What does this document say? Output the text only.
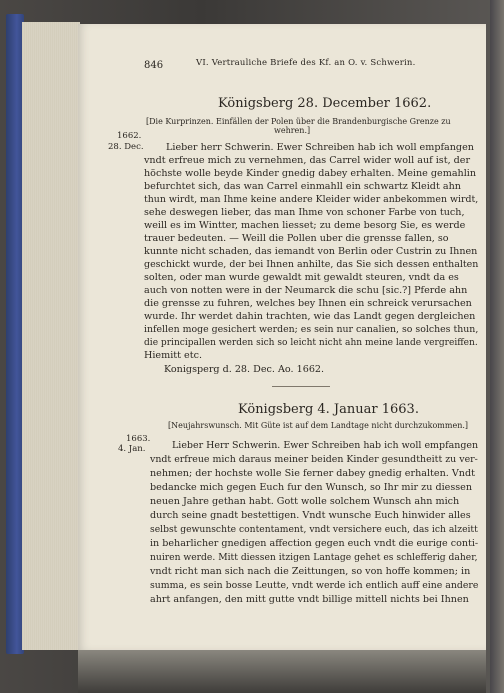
846	VI. Vertrauliche Briefe des Kf. an O. v. Schwerin.
Königsberg 28. December 1662.
[Die Kurprinzen. Einfällen der Polen über die Brandenburgische Grenze zu
wehren.]
1662.
28. Dec. Lieber herr Schwerin. Ewer Schreiben hab ich woll empfangen
vndt erfreue mich zu vernehmen, das Carrel wider woll auf ist, der
höchste wolle beyde Kinder gnedig dabey erhalten. Meine gemahlin
befurchtet sich, das wan Carrel einmahll ein schwartz Kleidt ahn
thun wirdt, man Ihme keine andere Kleider wider anbekommen wirdt,
sehe deswegen lieber, das man Ihme von schoner Farbe von tuch,
weill es im Wintter, machen liesset; zu deme besorg Sie, es werde
trauer bedeuten. — Weill die Pollen uber die grensse fallen, so
kunnte nicht schaden, das iemandt von Berlin oder Custrin zu Ihnen
geschickt wurde, der bei Ihnen anhilte, das Sie sich dessen enthalten
solten, oder man wurde gewaldt mit gewaldt steuren, vndt da es
auch von notten were in der Neumarck die schu [sic.?] Pferde ahn
die grensse zu fuhren, welches bey Ihnen ein schreick verursachen
wurde. Ihr werdet dahin trachten, wie das Landt gegen dergleichen
infellen moge gesichert werden; es sein nur canalien, so solches thun,
die principallen werden sich so leicht nicht ahn meine lande vergreiffen.
Hiemitt etc.
Konigsperg d. 28. Dec. Ao. 1662.
Königsberg 4. Januar 1663.
[Neujahrswunsch. Mit Güte ist auf dem Landtage nicht durchzukommen.]
1663.
4. Jan.	Lieber Herr Schwerin. Ewer Schreiben hab ich woll empfangen
vndt erfreue mich daraus meiner beiden Kinder gesundtheitt zu ver-
nehmen; der hochste wolle Sie ferner dabey gnedig erhalten. Vndt
bedancke mich gegen Euch fur den Wunsch, so Ihr mir zu diessen
neuen Jahre gethan habt. Gott wolle solchem Wunsch ahn mich
durch seine gnadt bestettigen. Vndt wunsche Euch hinwider alles
selbst gewunschte contentament, vndt versichere euch, das ich alzeitt
in beharlicher gnedigen affection gegen euch vndt die eurige conti-
nuiren werde. Mitt diessen itzigen Lantage gehet es schlefferig daher,
vndt richt man sich nach die Zeittungen, so von hoffe kommen; in
summa, es sein bosse Leutte, vndt werde ich entlich auff eine andere
ahrt anfangen, den mitt gutte vndt billige mittell nichts bei Ihnen
